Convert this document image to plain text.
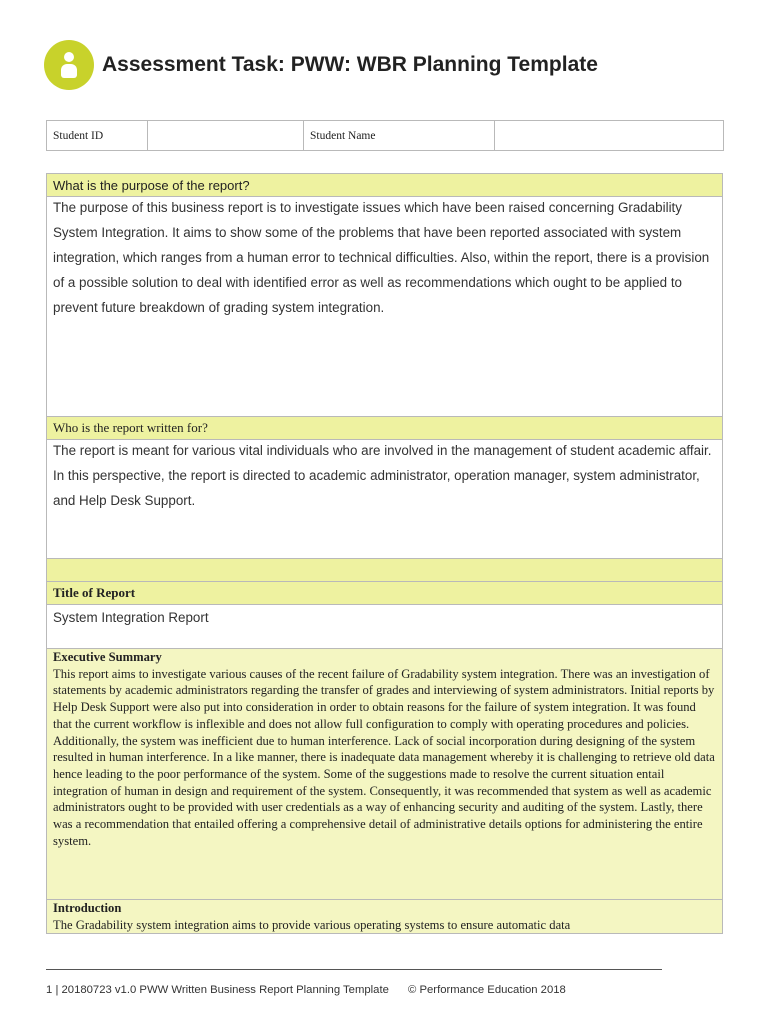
Assessment Task: PWW: WBR Planning Template
Student ID		Student Name	
What is the purpose of the report?

The purpose of this business report is to investigate issues which have been raised concerning Gradability System Integration. It aims to show some of the problems that have been reported associated with system integration, which ranges from a human error to technical difficulties. Also, within the report, there is a provision of a possible solution to deal with identified error as well as recommendations which ought to be applied to prevent future breakdown of grading system integration.

Who is the report written for?

The report is meant for various vital individuals who are involved in the management of student academic affair. In this perspective, the report is directed to academic administrator, operation manager, system administrator, and Help Desk Support.

Title of Report
System Integration Report

Executive Summary
This report aims to investigate various causes of the recent failure of Gradability system integration. There was an investigation of statements by academic administrators regarding the transfer of grades and interviewing of system administrators. Initial reports by Help Desk Support were also put into consideration in order to obtain reasons for the failure of system integration. It was found that the current workflow is inflexible and does not allow full configuration to comply with operating procedures and policies. Additionally, the system was inefficient due to human interference. Lack of social incorporation during designing of the system resulted in human interference. In a like manner, there is inadequate data management whereby it is challenging to retrieve old data hence leading to the poor performance of the system. Some of the suggestions made to resolve the current situation entail integration of human in design and requirement of the system. Consequently, it was recommended that system as well as academic administrators ought to be provided with user credentials as a way of enhancing security and auditing of the system. Lastly, there was a recommendation that entailed offering a comprehensive detail of administrative details options for administering the entire system.

Introduction
The Gradability system integration aims to provide various operating systems to ensure automatic data
1 | 20180723 v1.0 PWW Written Business Report Planning Template © Performance Education 2018
